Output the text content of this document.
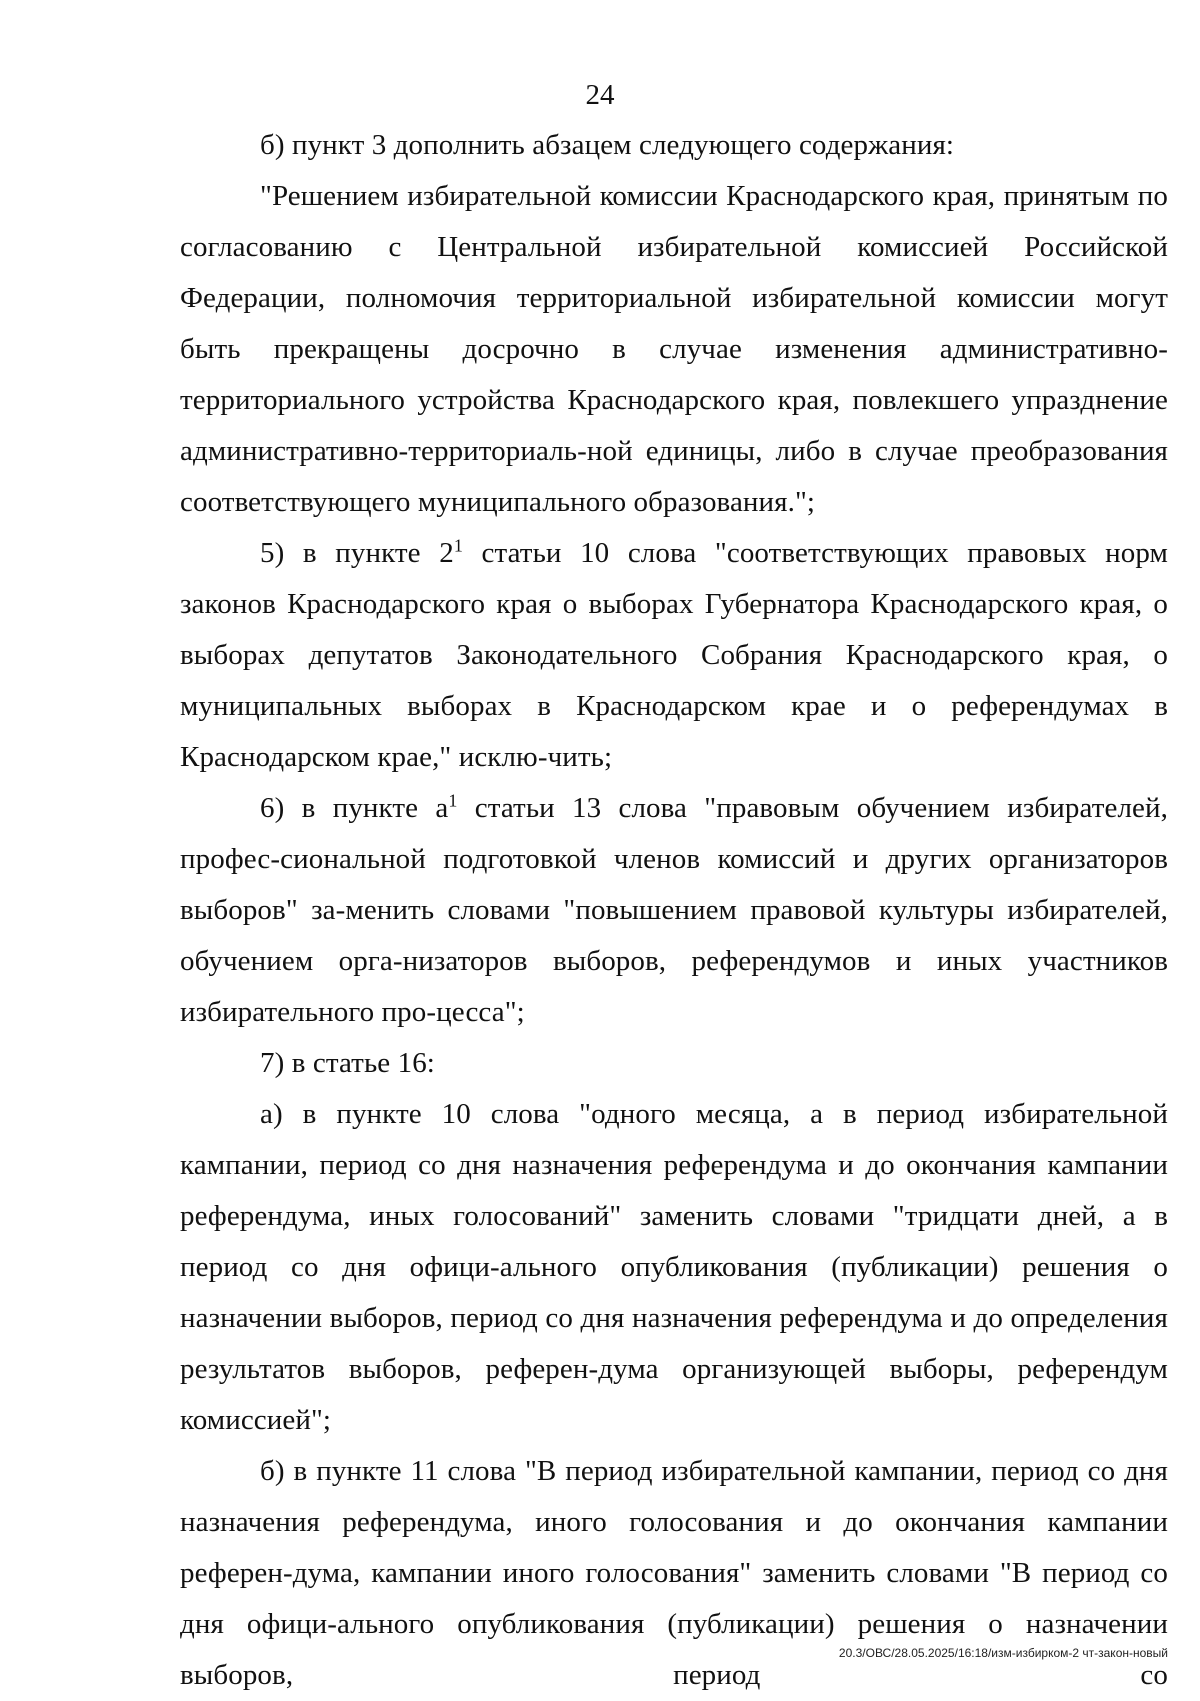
24

б) пункт 3 дополнить абзацем следующего содержания:

"Решением избирательной комиссии Краснодарского края, принятым по согласованию с Центральной избирательной комиссией Российской Федерации, полномочия территориальной избирательной комиссии могут быть прекращены досрочно в случае изменения административно-территориального устройства Краснодарского края, повлекшего упразднение административно-территориаль-ной единицы, либо в случае преобразования соответствующего муниципального образования.";

5) в пункте $2^1$ статьи 10 слова "соответствующих правовых норм законов Краснодарского края о выборах Губернатора Краснодарского края, о выборах депутатов Законодательного Собрания Краснодарского края, о муниципальных выборах в Краснодарском крае и о референдумах в Краснодарском крае," исклю-чить;

6) в пункте $а^1$ статьи 13 слова "правовым обучением избирателей, профес-сиональной подготовкой членов комиссий и других организаторов выборов" за-менить словами "повышением правовой культуры избирателей, обучением орга-низаторов выборов, референдумов и иных участников избирательного про-цесса";

7) в статье 16:

а) в пункте 10 слова "одного месяца, а в период избирательной кампании, период со дня назначения референдума и до окончания кампании референдума, иных голосований" заменить словами "тридцати дней, а в период со дня офици-ального опубликования (публикации) решения о назначении выборов, период со дня назначения референдума и до определения результатов выборов, референ-дума организующей выборы, референдум комиссией";

б) в пункте 11 слова "В период избирательной кампании, период со дня назначения референдума, иного голосования и до окончания кампании референ-дума, кампании иного голосования" заменить словами "В период со дня офици-ального опубликования (публикации) решения о назначении выборов, период со

20.3/ОВС/28.05.2025/16:18/изм-избирком-2 чт-закон-новый
